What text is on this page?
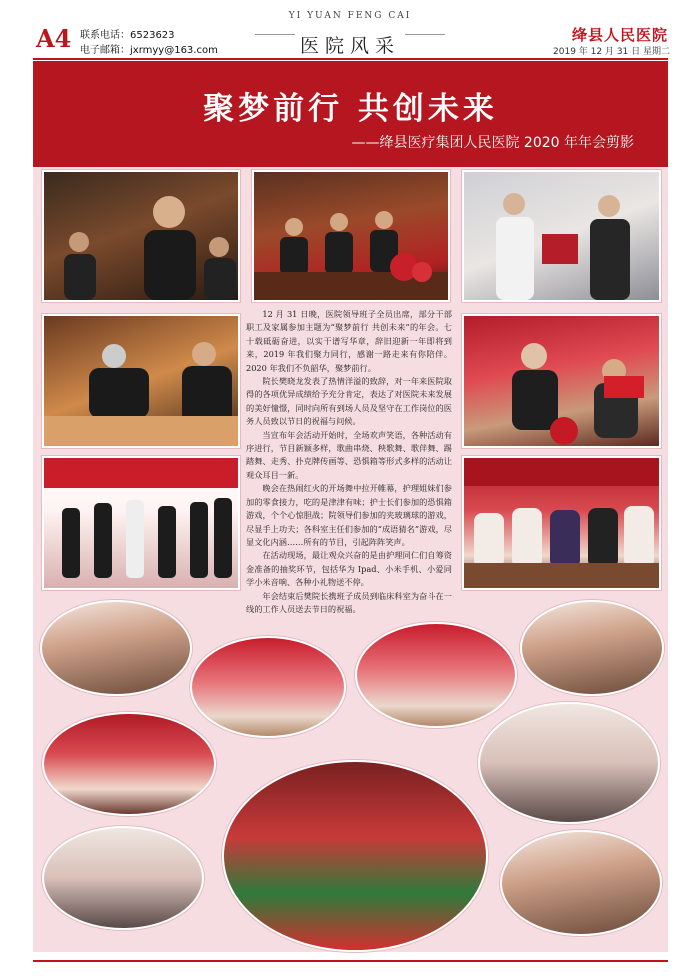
A4 联系电话：6523623
电子邮箱：jxrmyy@163.com
YI YUAN FENG CAI
医院风采	绛县人民医院
2019 年 12 月 31 日 星期二
聚梦前行 共创未来
——绛县医疗集团人民医院 2020 年年会剪影

12 月 31 日晚，医院领导班子全员出席，部分干部职工及家属参加主题为“聚梦前行 共创未来”的年会。七十载砥砺奋进，以实干谱写华章，辞旧迎新一年即将到来，2019 年我们聚力同行，感谢一路走来有你陪伴。2020 年我们不负韶华，聚梦前行。

院长樊晓龙发表了热情洋溢的致辞，对一年来医院取得的各项优异成绩给予充分肯定，表达了对医院未来发展的美好憧憬，同时向所有到场人员及坚守在工作岗位的医务人员致以节日的祝福与问候。

当宣布年会活动开始时，全场欢声笑语，各种活动有序进行，节目新颖多样，歌曲串烧、秧歌舞、歌伴舞、踢踏舞、走秀、扑克牌传画等、恐惧箱等形式多样的活动让观众耳目一新。

晚会在热闹红火的开场舞中拉开帷幕，护理姐妹们参加的零食接力，吃的是津津有味；护士长们参加的恐惧箱游戏，个个心惊胆战；院领导们参加的夹玻璃球的游戏，尽显手上功夫；各科室主任们参加的“成语猜名”游戏，尽显文化内涵……所有的节目，引起阵阵笑声。

在活动现场，最让观众兴奋的是由护理同仁们自筹资金准备的抽奖环节，包括华为 Ipad、小米手机、小爱同学小米音响、各种小礼物送不停。

年会结束后樊院长携班子成员到临床科室为奋斗在一线的工作人员送去节日的祝福。
